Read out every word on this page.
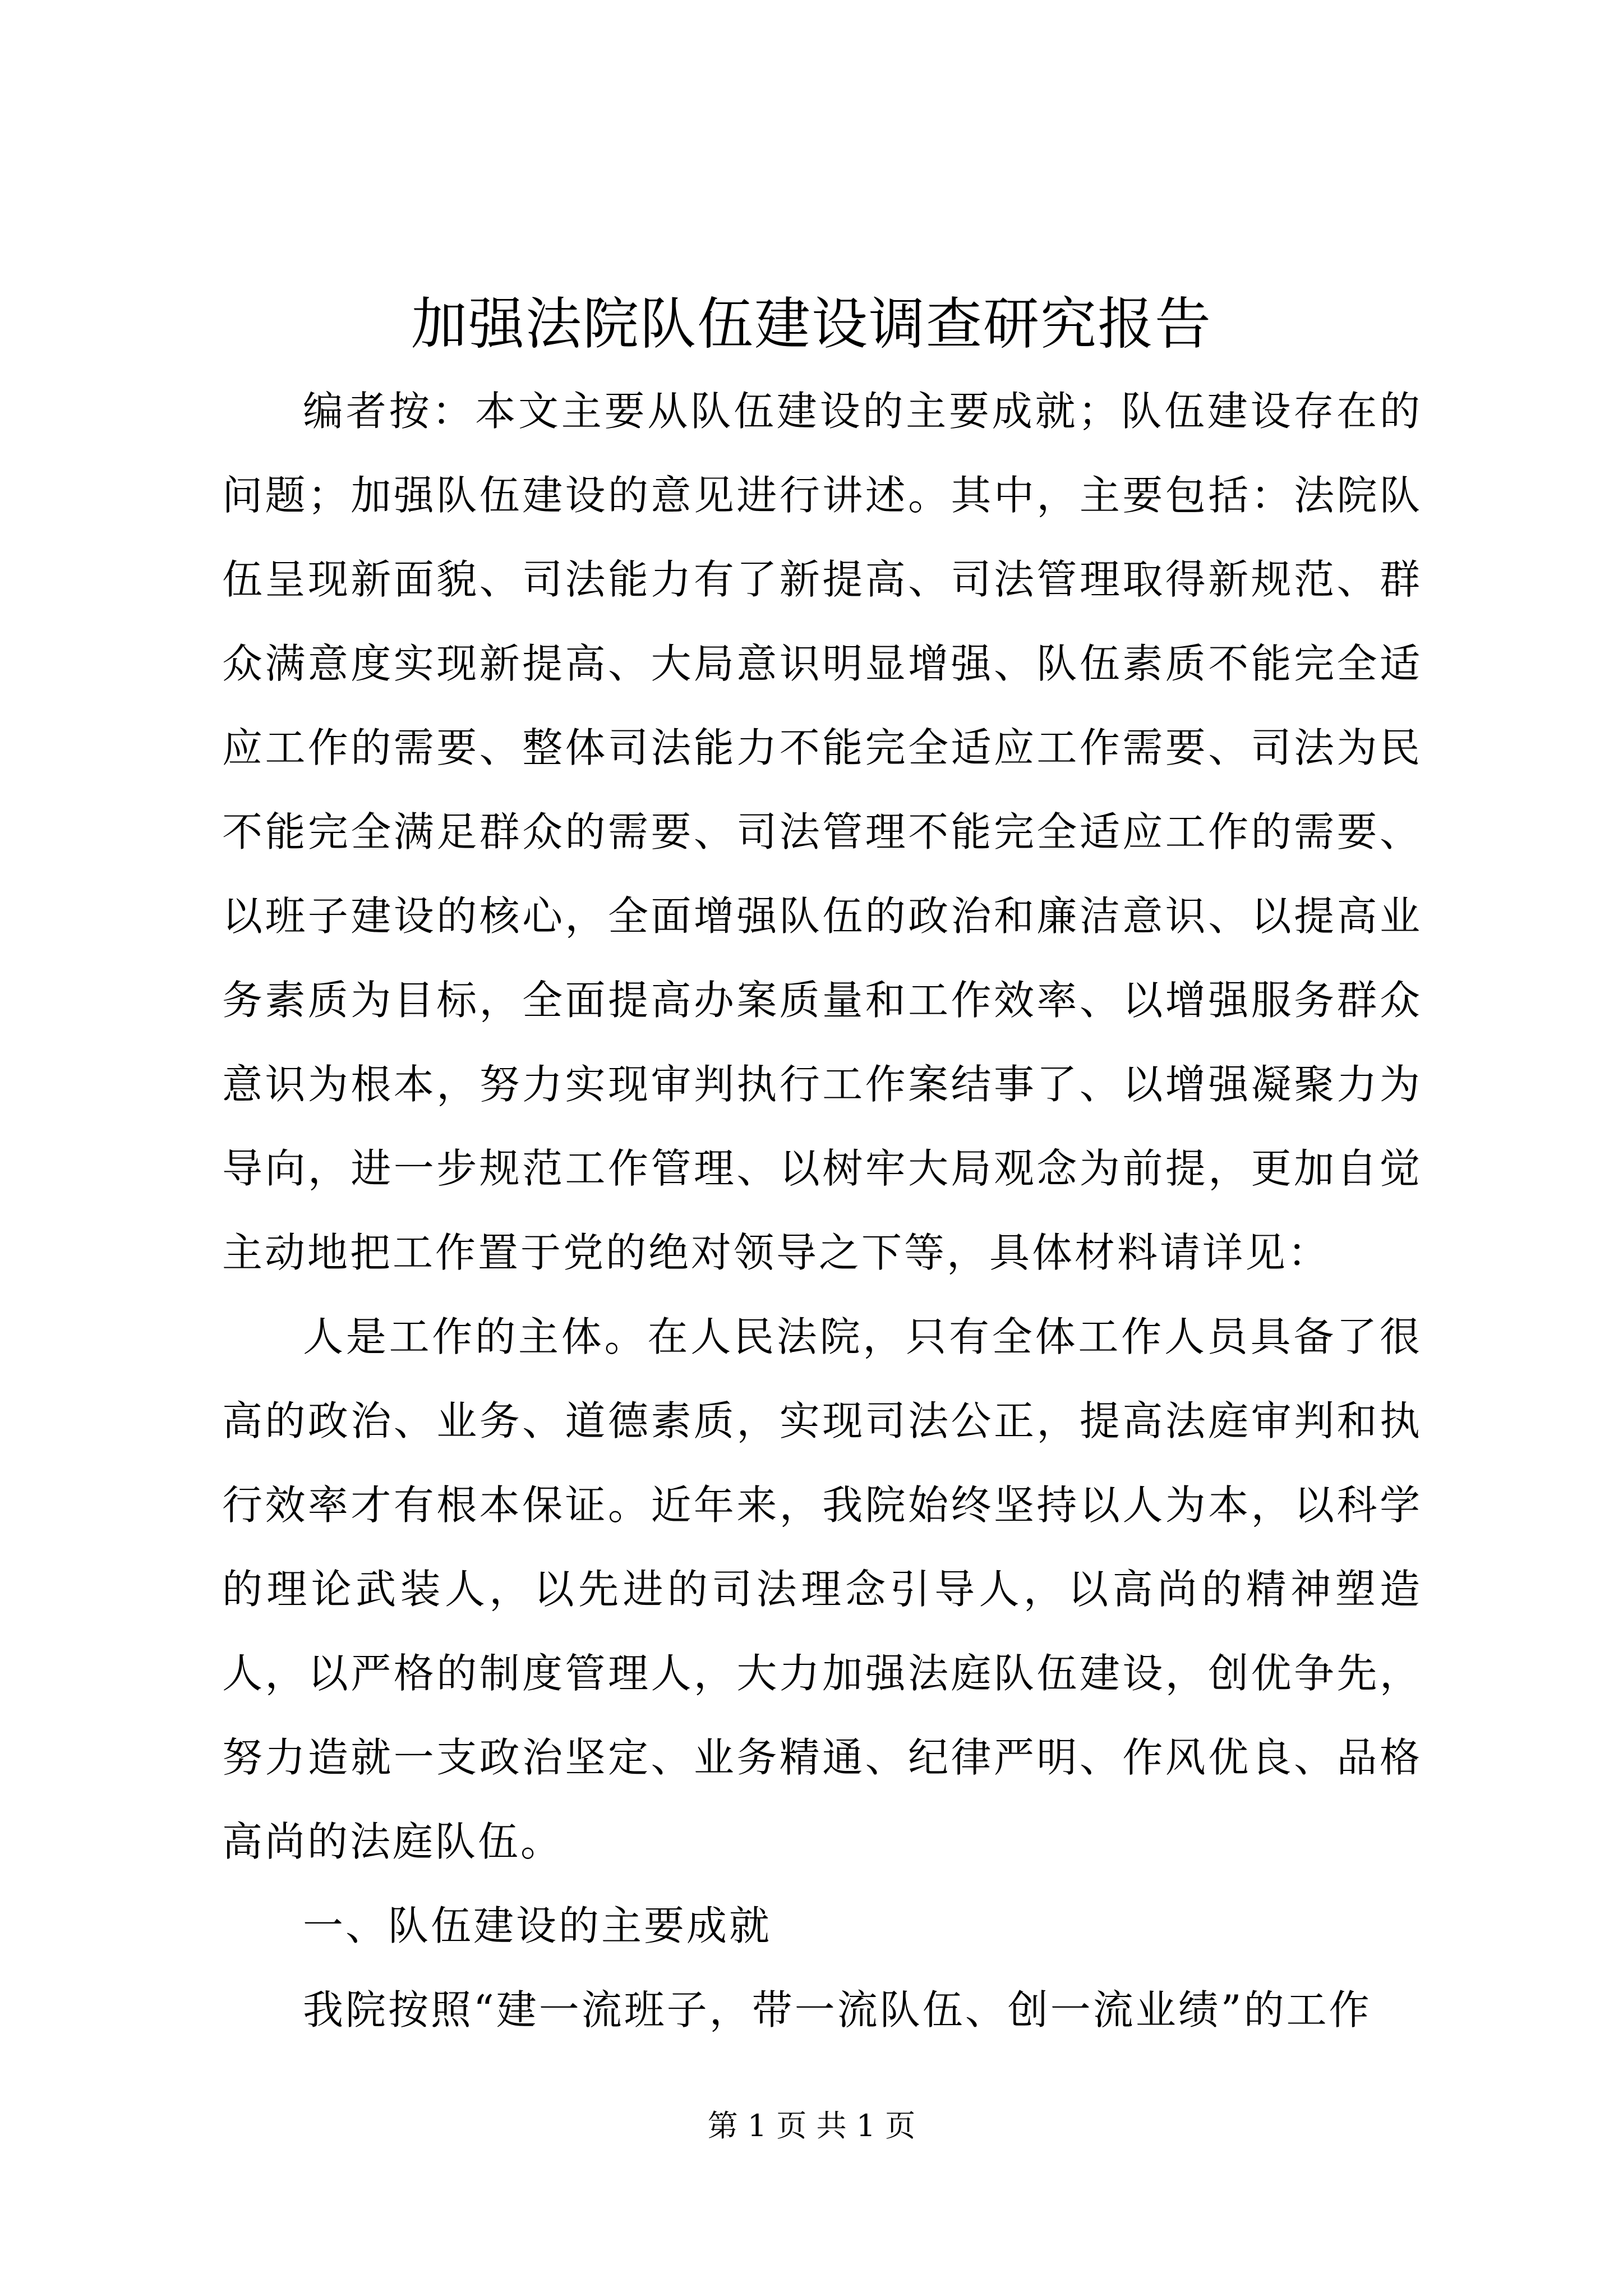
加强法院队伍建设调查研究报告

编者按：本文主要从队伍建设的主要成就；队伍建设存在的问题；加强队伍建设的意见进行讲述。其中，主要包括：法院队伍呈现新面貌、司法能力有了新提高、司法管理取得新规范、群众满意度实现新提高、大局意识明显增强、队伍素质不能完全适应工作的需要、整体司法能力不能完全适应工作需要、司法为民不能完全满足群众的需要、司法管理不能完全适应工作的需要、以班子建设的核心，全面增强队伍的政治和廉洁意识、以提高业务素质为目标，全面提高办案质量和工作效率、以增强服务群众意识为根本，努力实现审判执行工作案结事了、以增强凝聚力为导向，进一步规范工作管理、以树牢大局观念为前提，更加自觉主动地把工作置于党的绝对领导之下等，具体材料请详见：

人是工作的主体。在人民法院，只有全体工作人员具备了很高的政治、业务、道德素质，实现司法公正，提高法庭审判和执行效率才有根本保证。近年来，我院始终坚持以人为本，以科学的理论武装人，以先进的司法理念引导人，以高尚的精神塑造人，以严格的制度管理人，大力加强法庭队伍建设，创优争先，努力造就一支政治坚定、业务精通、纪律严明、作风优良、品格高尚的法庭队伍。

一、队伍建设的主要成就

我院按照“建一流班子，带一流队伍、创一流业绩”的工作

第 1 页 共 1 页
